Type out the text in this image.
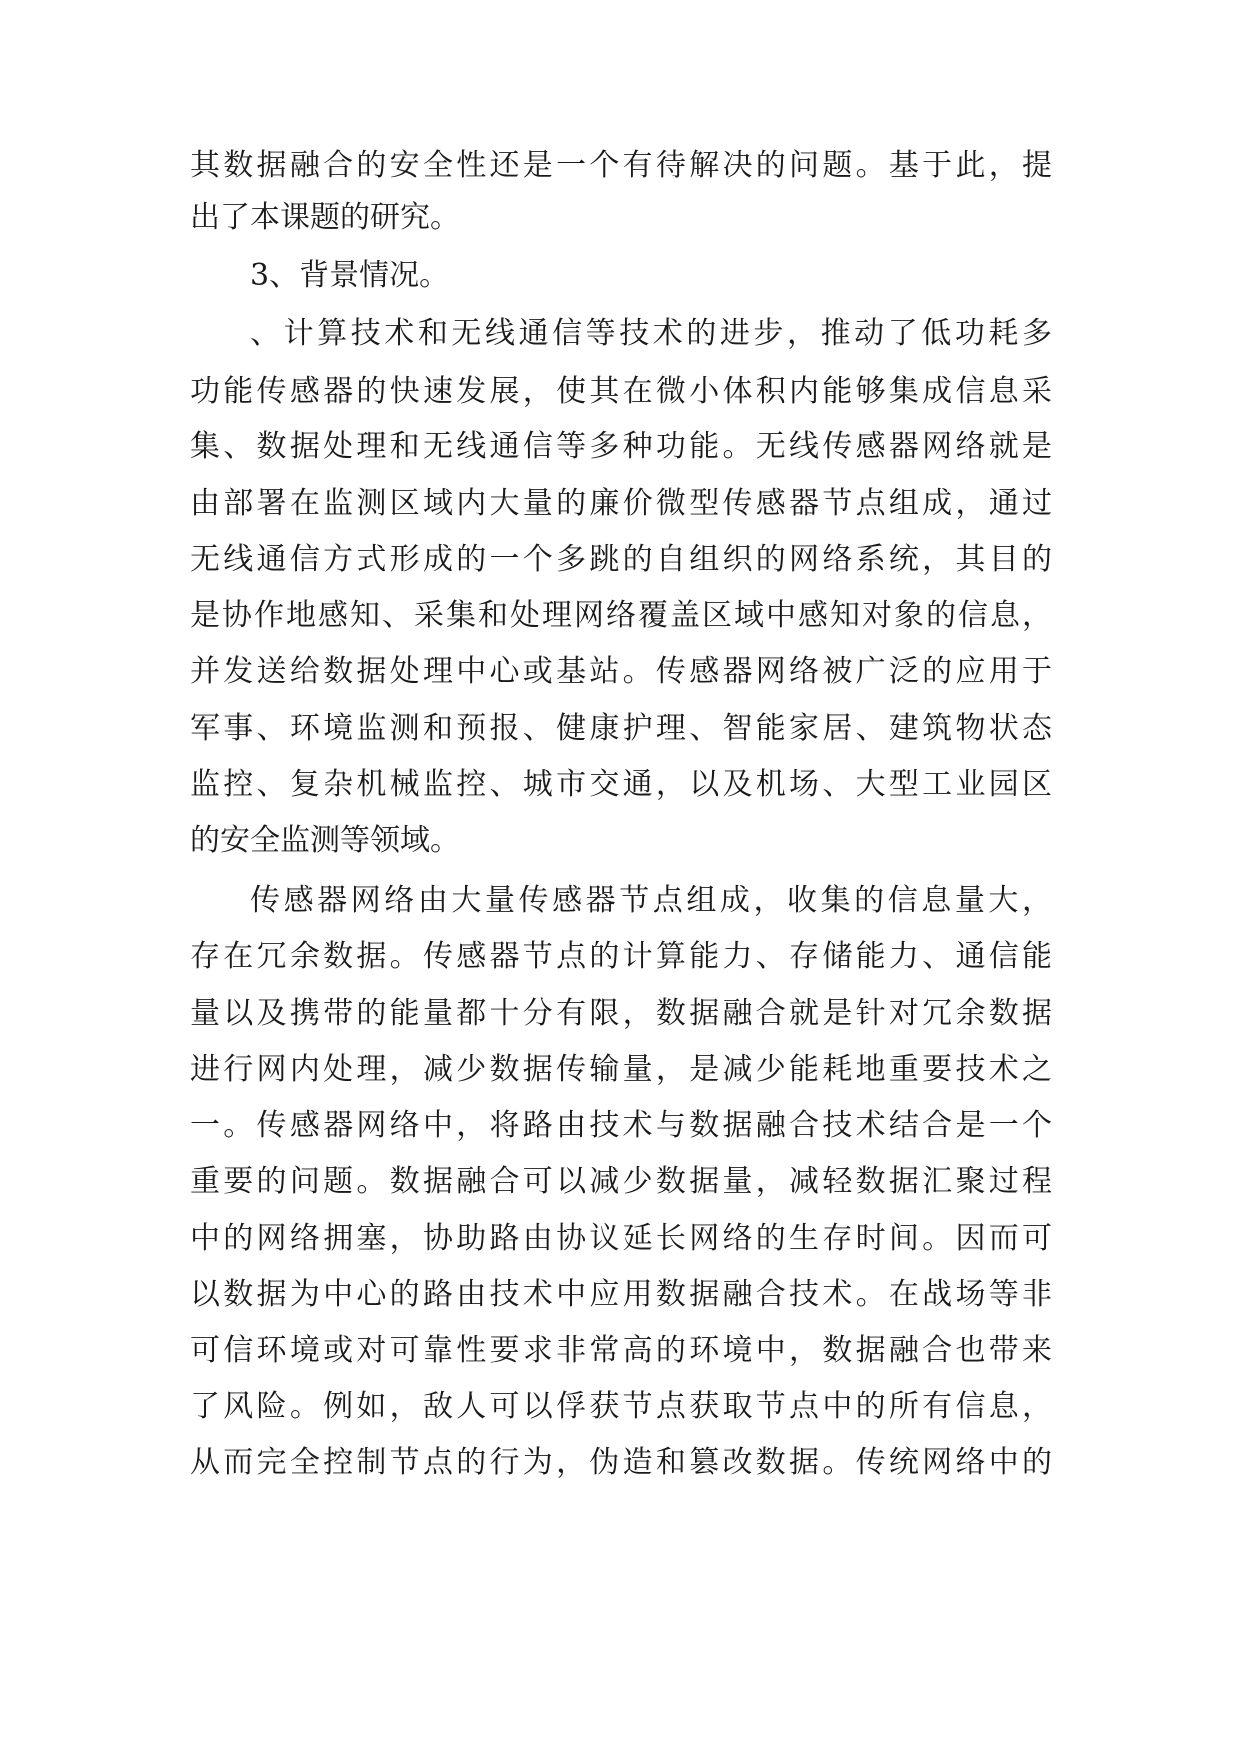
其数据融合的安全性还是一个有待解决的问题。基于此，提
出了本课题的研究。
3、背景情况。
、计算技术和无线通信等技术的进步，推动了低功耗多
功能传感器的快速发展，使其在微小体积内能够集成信息采
集、数据处理和无线通信等多种功能。无线传感器网络就是
由部署在监测区域内大量的廉价微型传感器节点组成，通过
无线通信方式形成的一个多跳的自组织的网络系统，其目的
是协作地感知、采集和处理网络覆盖区域中感知对象的信息，
并发送给数据处理中心或基站。传感器网络被广泛的应用于
军事、环境监测和预报、健康护理、智能家居、建筑物状态
监控、复杂机械监控、城市交通，以及机场、大型工业园区
的安全监测等领域。
传感器网络由大量传感器节点组成，收集的信息量大，
存在冗余数据。传感器节点的计算能力、存储能力、通信能
量以及携带的能量都十分有限，数据融合就是针对冗余数据
进行网内处理，减少数据传输量，是减少能耗地重要技术之
一。传感器网络中，将路由技术与数据融合技术结合是一个
重要的问题。数据融合可以减少数据量，减轻数据汇聚过程
中的网络拥塞，协助路由协议延长网络的生存时间。因而可
以数据为中心的路由技术中应用数据融合技术。在战场等非
可信环境或对可靠性要求非常高的环境中，数据融合也带来
了风险。例如，敌人可以俘获节点获取节点中的所有信息，
从而完全控制节点的行为，伪造和篡改数据。传统网络中的
